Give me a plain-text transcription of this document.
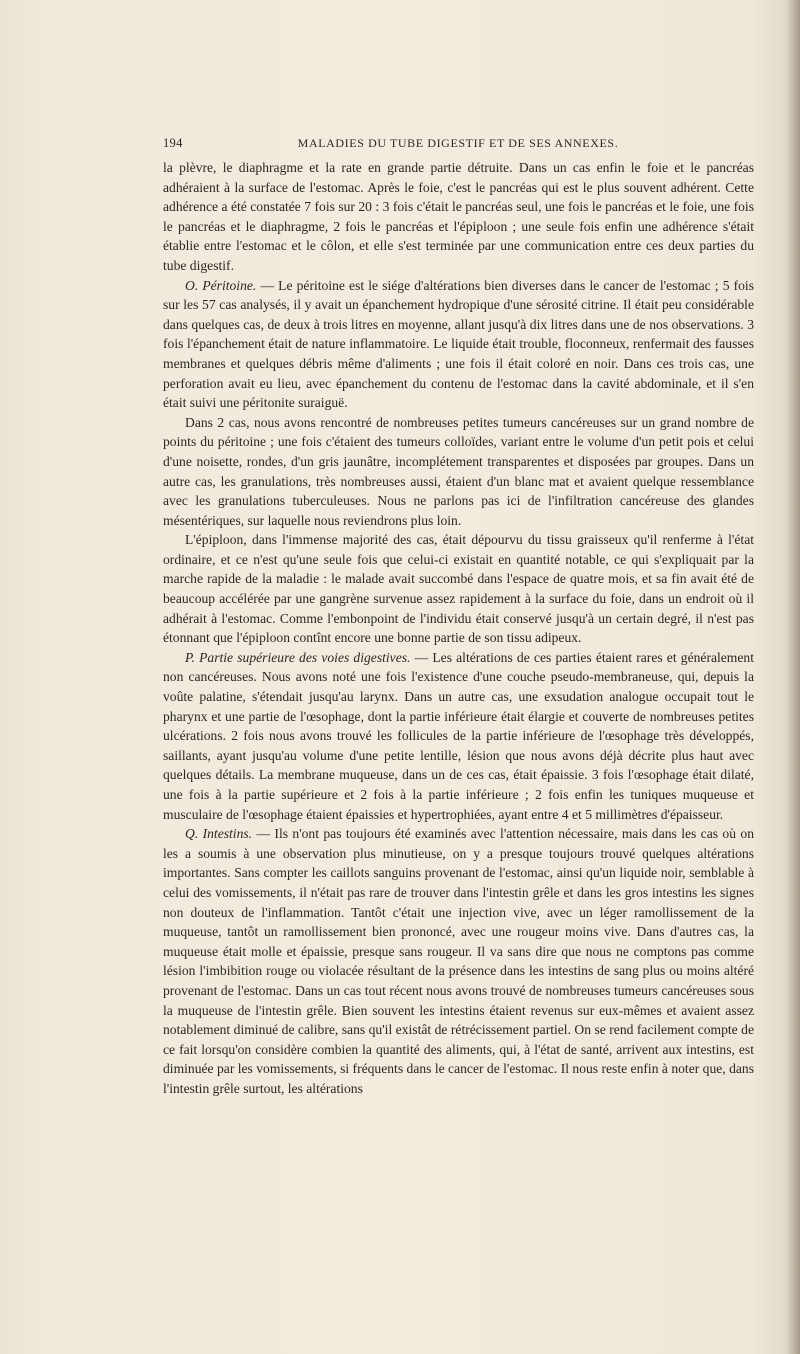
194	MALADIES DU TUBE DIGESTIF ET DE SES ANNEXES.

la plèvre, le diaphragme et la rate en grande partie détruite. Dans un cas enfin le foie et le pancréas adhéraient à la surface de l'estomac. Après le foie, c'est le pancréas qui est le plus souvent adhérent. Cette adhérence a été constatée 7 fois sur 20 : 3 fois c'était le pancréas seul, une fois le pancréas et le foie, une fois le pancréas et le diaphragme, 2 fois le pancréas et l'épiploon ; une seule fois enfin une adhérence s'était établie entre l'estomac et le côlon, et elle s'est terminée par une communication entre ces deux parties du tube digestif.

O. Péritoine. — Le péritoine est le siége d'altérations bien diverses dans le cancer de l'estomac ; 5 fois sur les 57 cas analysés, il y avait un épanchement hydropique d'une sérosité citrine. Il était peu considérable dans quelques cas, de deux à trois litres en moyenne, allant jusqu'à dix litres dans une de nos observations. 3 fois l'épanchement était de nature inflammatoire. Le liquide était trouble, floconneux, renfermait des fausses membranes et quelques débris même d'aliments ; une fois il était coloré en noir. Dans ces trois cas, une perforation avait eu lieu, avec épanchement du contenu de l'estomac dans la cavité abdominale, et il s'en était suivi une péritonite suraiguë.

Dans 2 cas, nous avons rencontré de nombreuses petites tumeurs cancéreuses sur un grand nombre de points du péritoine ; une fois c'étaient des tumeurs colloïdes, variant entre le volume d'un petit pois et celui d'une noisette, rondes, d'un gris jaunâtre, incomplétement transparentes et disposées par groupes. Dans un autre cas, les granulations, très nombreuses aussi, étaient d'un blanc mat et avaient quelque ressemblance avec les granulations tuberculeuses. Nous ne parlons pas ici de l'infiltration cancéreuse des glandes mésentériques, sur laquelle nous reviendrons plus loin.

L'épiploon, dans l'immense majorité des cas, était dépourvu du tissu graisseux qu'il renferme à l'état ordinaire, et ce n'est qu'une seule fois que celui-ci existait en quantité notable, ce qui s'expliquait par la marche rapide de la maladie : le malade avait succombé dans l'espace de quatre mois, et sa fin avait été de beaucoup accélérée par une gangrène survenue assez rapidement à la surface du foie, dans un endroit où il adhérait à l'estomac. Comme l'embonpoint de l'individu était conservé jusqu'à un certain degré, il n'est pas étonnant que l'épiploon contînt encore une bonne partie de son tissu adipeux.

P. Partie supérieure des voies digestives. — Les altérations de ces parties étaient rares et généralement non cancéreuses. Nous avons noté une fois l'existence d'une couche pseudo-membraneuse, qui, depuis la voûte palatine, s'étendait jusqu'au larynx. Dans un autre cas, une exsudation analogue occupait tout le pharynx et une partie de l'œsophage, dont la partie inférieure était élargie et couverte de nombreuses petites ulcérations. 2 fois nous avons trouvé les follicules de la partie inférieure de l'œsophage très développés, saillants, ayant jusqu'au volume d'une petite lentille, lésion que nous avons déjà décrite plus haut avec quelques détails. La membrane muqueuse, dans un de ces cas, était épaissie. 3 fois l'œsophage était dilaté, une fois à la partie supérieure et 2 fois à la partie inférieure ; 2 fois enfin les tuniques muqueuse et musculaire de l'œsophage étaient épaissies et hypertrophiées, ayant entre 4 et 5 millimètres d'épaisseur.

Q. Intestins. — Ils n'ont pas toujours été examinés avec l'attention nécessaire, mais dans les cas où on les a soumis à une observation plus minutieuse, on y a presque toujours trouvé quelques altérations importantes. Sans compter les caillots sanguins provenant de l'estomac, ainsi qu'un liquide noir, semblable à celui des vomissements, il n'était pas rare de trouver dans l'intestin grêle et dans les gros intestins les signes non douteux de l'inflammation. Tantôt c'était une injection vive, avec un léger ramollissement de la muqueuse, tantôt un ramollissement bien prononcé, avec une rougeur moins vive. Dans d'autres cas, la muqueuse était molle et épaissie, presque sans rougeur. Il va sans dire que nous ne comptons pas comme lésion l'imbibition rouge ou violacée résultant de la présence dans les intestins de sang plus ou moins altéré provenant de l'estomac. Dans un cas tout récent nous avons trouvé de nombreuses tumeurs cancéreuses sous la muqueuse de l'intestin grêle. Bien souvent les intestins étaient revenus sur eux-mêmes et avaient assez notablement diminué de calibre, sans qu'il existât de rétrécissement partiel. On se rend facilement compte de ce fait lorsqu'on considère combien la quantité des aliments, qui, à l'état de santé, arrivent aux intestins, est diminuée par les vomissements, si fréquents dans le cancer de l'estomac. Il nous reste enfin à noter que, dans l'intestin grêle surtout, les altérations
